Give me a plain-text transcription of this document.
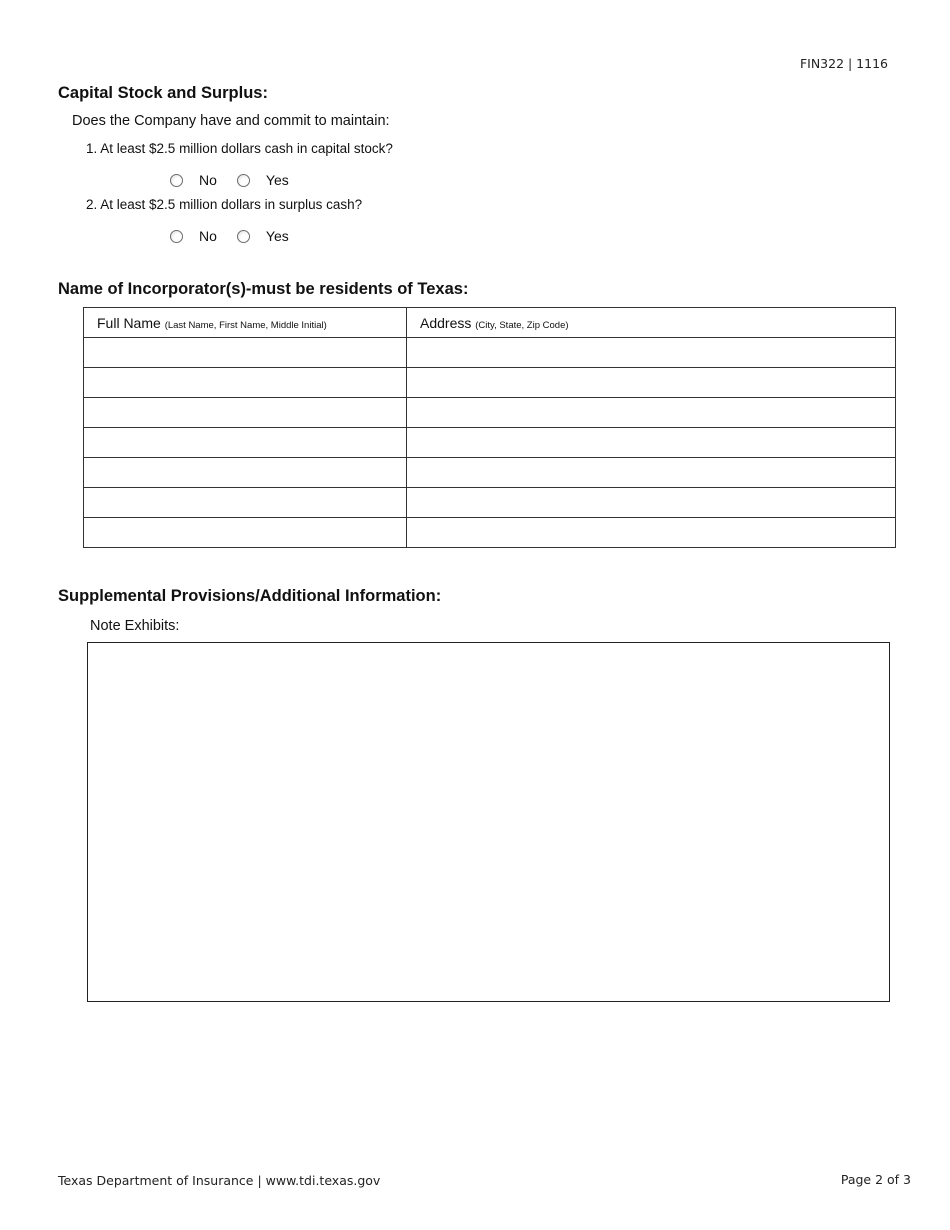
FIN322 | 1116
Capital Stock and Surplus:
Does the Company have and commit to maintain:
1. At least $2.5 million dollars cash in capital stock?
No	Yes
2. At least $2.5 million dollars in surplus cash?
No	Yes
Name of Incorporator(s)-must be residents of Texas:
Full Name (Last Name, First Name, Middle Initial)	Address (City, State, Zip Code)

Supplemental Provisions/Additional Information:
Note Exhibits:
Texas Department of Insurance | www.tdi.texas.gov	Page 2 of 3
